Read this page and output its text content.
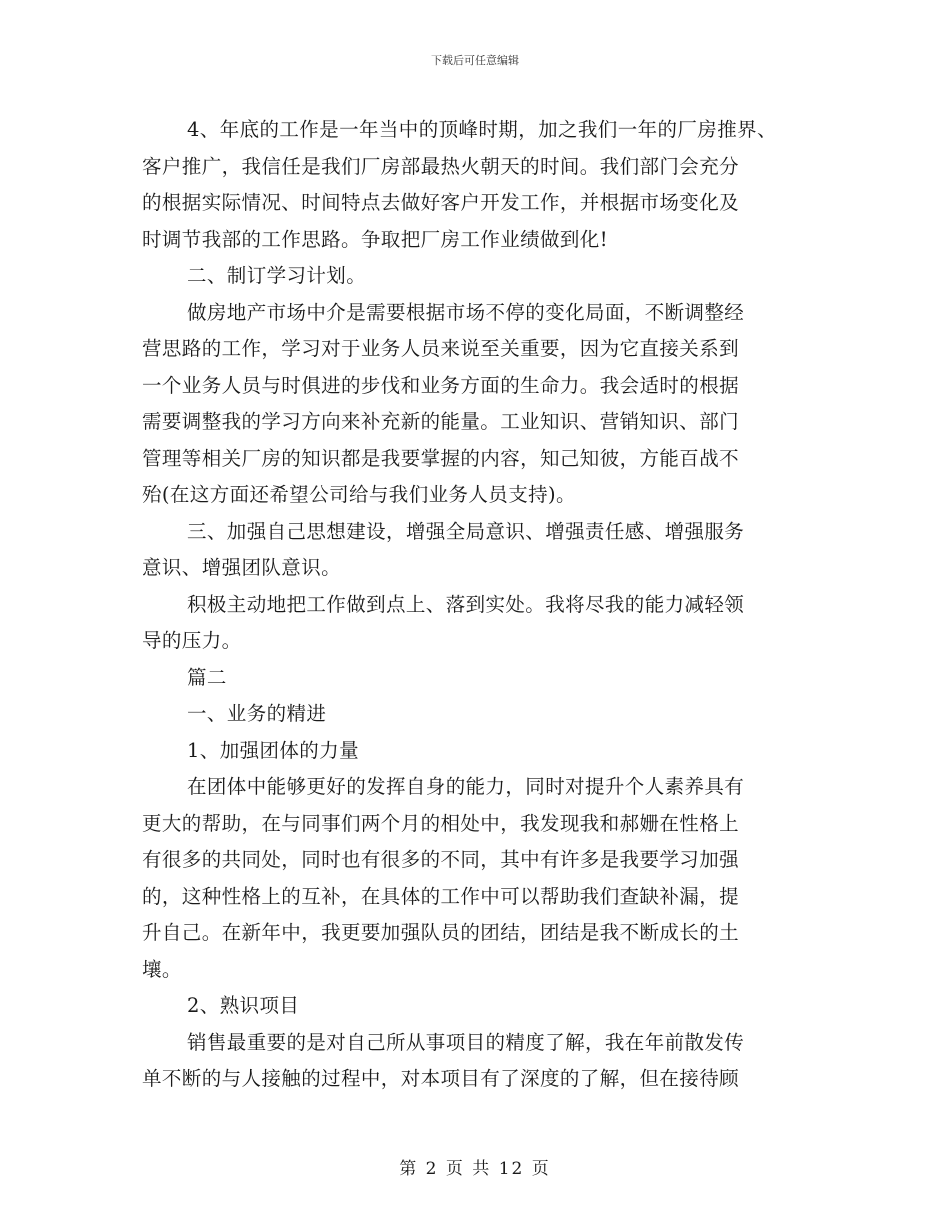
下载后可任意编辑
4、年底的工作是一年当中的顶峰时期，加之我们一年的厂房推界、
客户推广，我信任是我们厂房部最热火朝天的时间。我们部门会充分
的根据实际情况、时间特点去做好客户开发工作，并根据市场变化及
时调节我部的工作思路。争取把厂房工作业绩做到化!
二、制订学习计划。
做房地产市场中介是需要根据市场不停的变化局面，不断调整经
营思路的工作，学习对于业务人员来说至关重要，因为它直接关系到
一个业务人员与时俱进的步伐和业务方面的生命力。我会适时的根据
需要调整我的学习方向来补充新的能量。工业知识、营销知识、部门
管理等相关厂房的知识都是我要掌握的内容，知己知彼，方能百战不
殆(在这方面还希望公司给与我们业务人员支持)。
三、加强自己思想建设，增强全局意识、增强责任感、增强服务
意识、增强团队意识。
积极主动地把工作做到点上、落到实处。我将尽我的能力减轻领
导的压力。
篇二
一、业务的精进
1、加强团体的力量
在团体中能够更好的发挥自身的能力，同时对提升个人素养具有
更大的帮助，在与同事们两个月的相处中，我发现我和郝姗在性格上
有很多的共同处，同时也有很多的不同，其中有许多是我要学习加强
的，这种性格上的互补，在具体的工作中可以帮助我们查缺补漏，提
升自己。在新年中，我更要加强队员的团结，团结是我不断成长的土
壤。
2、熟识项目
销售最重要的是对自己所从事项目的精度了解，我在年前散发传
单不断的与人接触的过程中，对本项目有了深度的了解，但在接待顾
第 2 页 共 12 页
